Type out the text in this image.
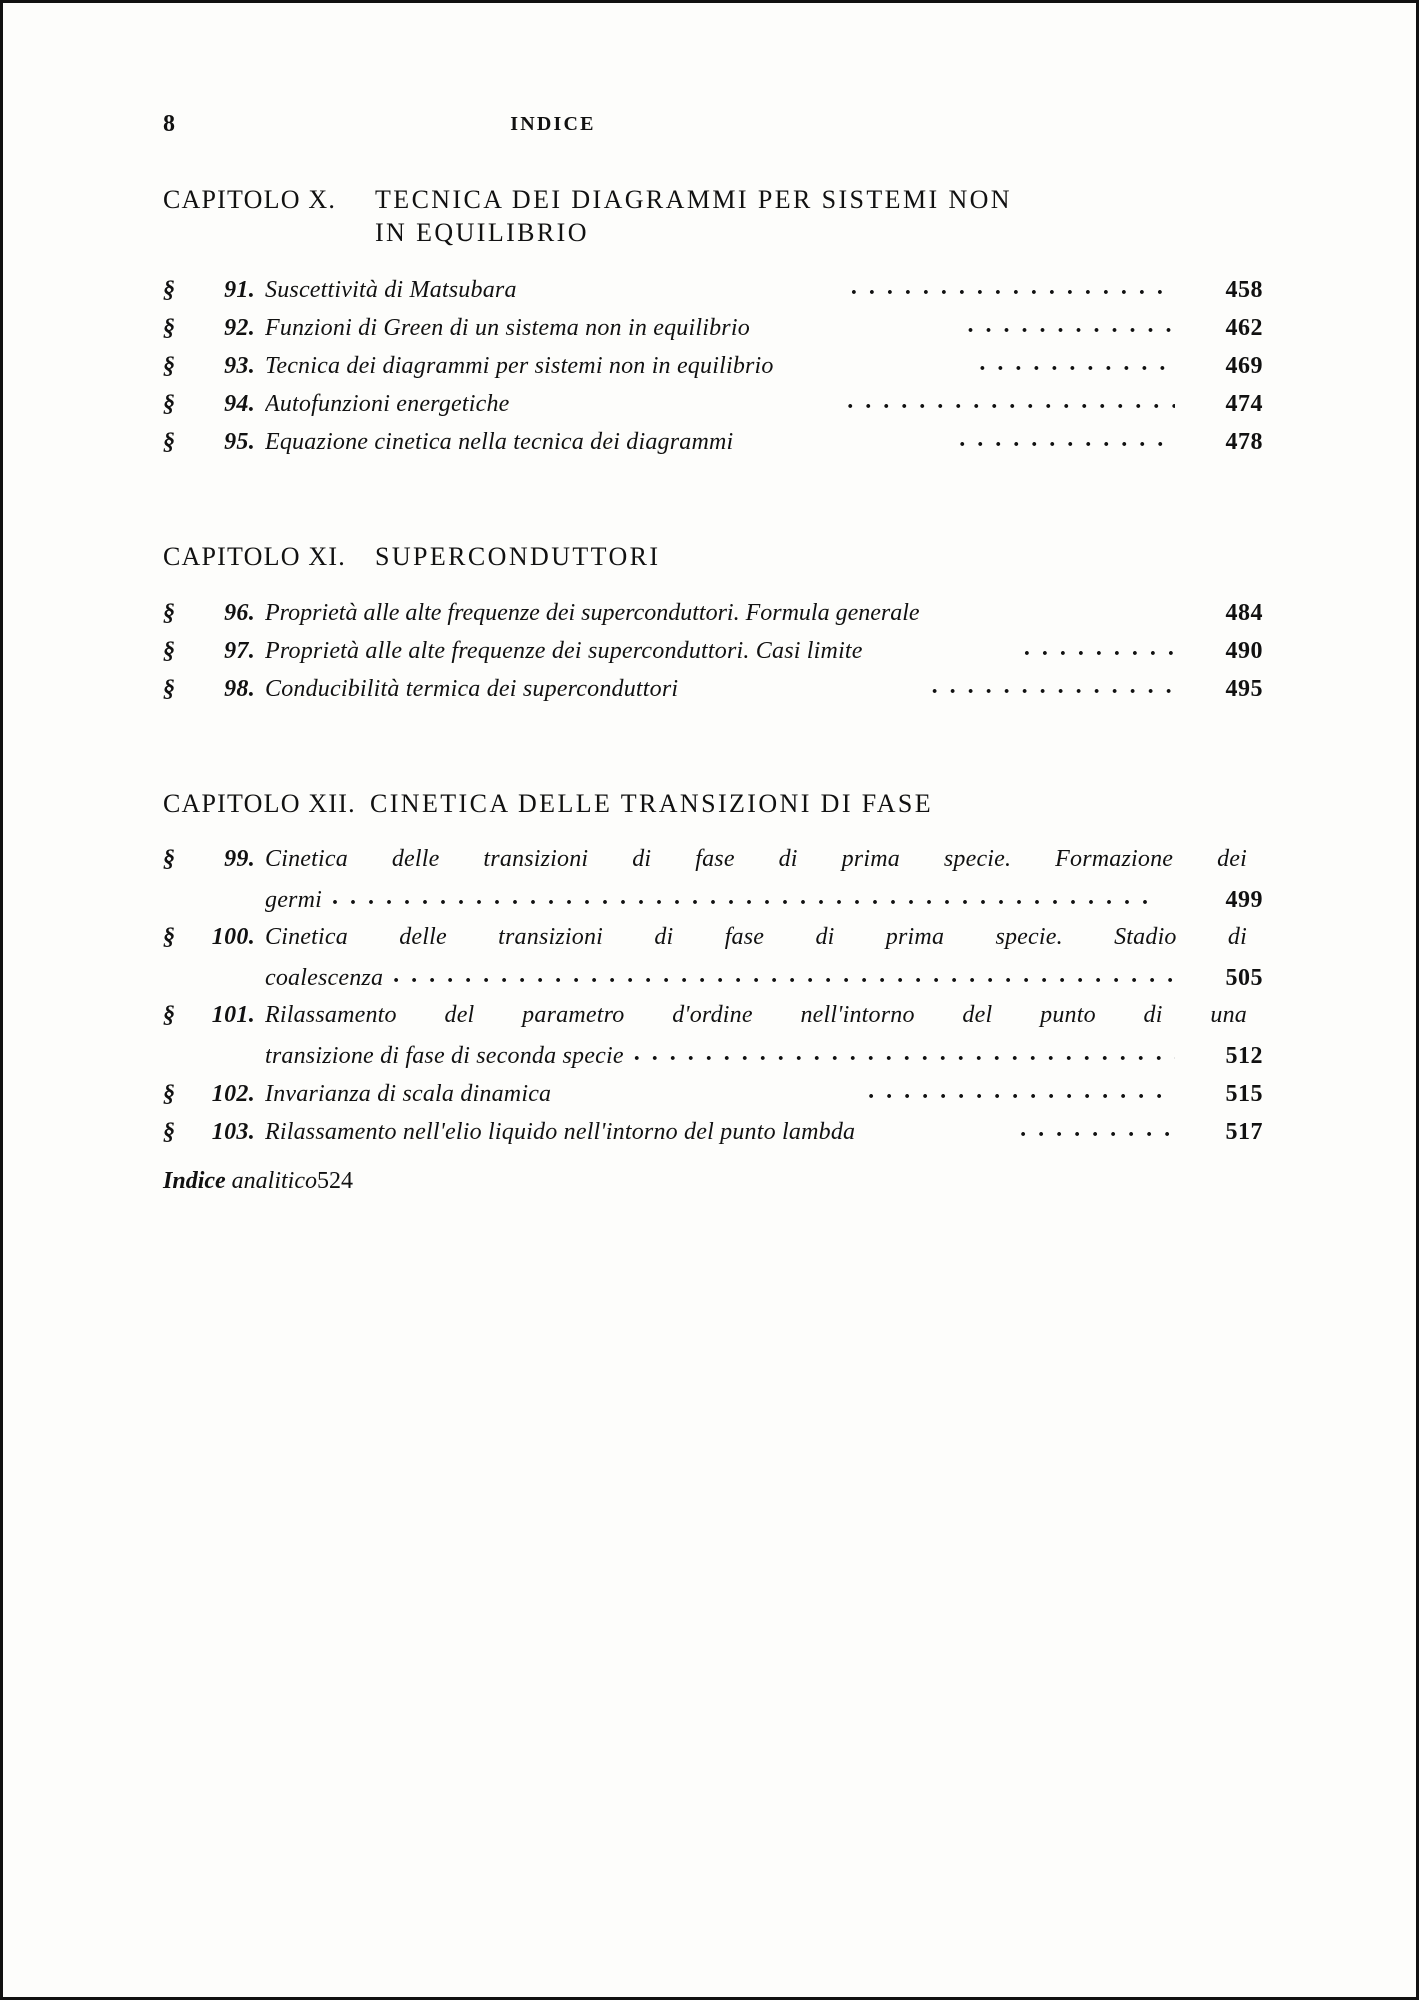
8	INDICE
CAPITOLO X. TECNICA DEI DIAGRAMMI PER SISTEMI NON
IN EQUILIBRIO
§	91. Suscettività di Matsubara . . .	458
§	92. Funzioni di Green di un sistema non in equilibrio . . .	462
§	93. Tecnica dei diagrammi per sistemi non in equilibrio . . .	469
§	94. Autofunzioni energetiche . . .	474
§	95. Equazione cinetica nella tecnica dei diagrammi . . .	478
CAPITOLO XI. SUPERCONDUTTORI
§	96. Proprietà alle alte frequenze dei superconduttori. Formula generale	484
§	97. Proprietà alle alte frequenze dei superconduttori. Casi limite . . .	490
§	98. Conducibilità termica dei superconduttori . . .	495
CAPITOLO XII. CINETICA DELLE TRANSIZIONI DI FASE
§	99. Cinetica delle transizioni di fase di prima specie. Formazione dei
germi . . .	499
§	100. Cinetica delle transizioni di fase di prima specie. Stadio di
coalescenza . . .	505
§	101. Rilassamento del parametro d'ordine nell'intorno del punto di una
transizione di fase di seconda specie . . .	512
§	102. Invarianza di scala dinamica . . .	515
§	103. Rilassamento nell'elio liquido nell'intorno del punto lambda . . .	517
Indice analitico 524
